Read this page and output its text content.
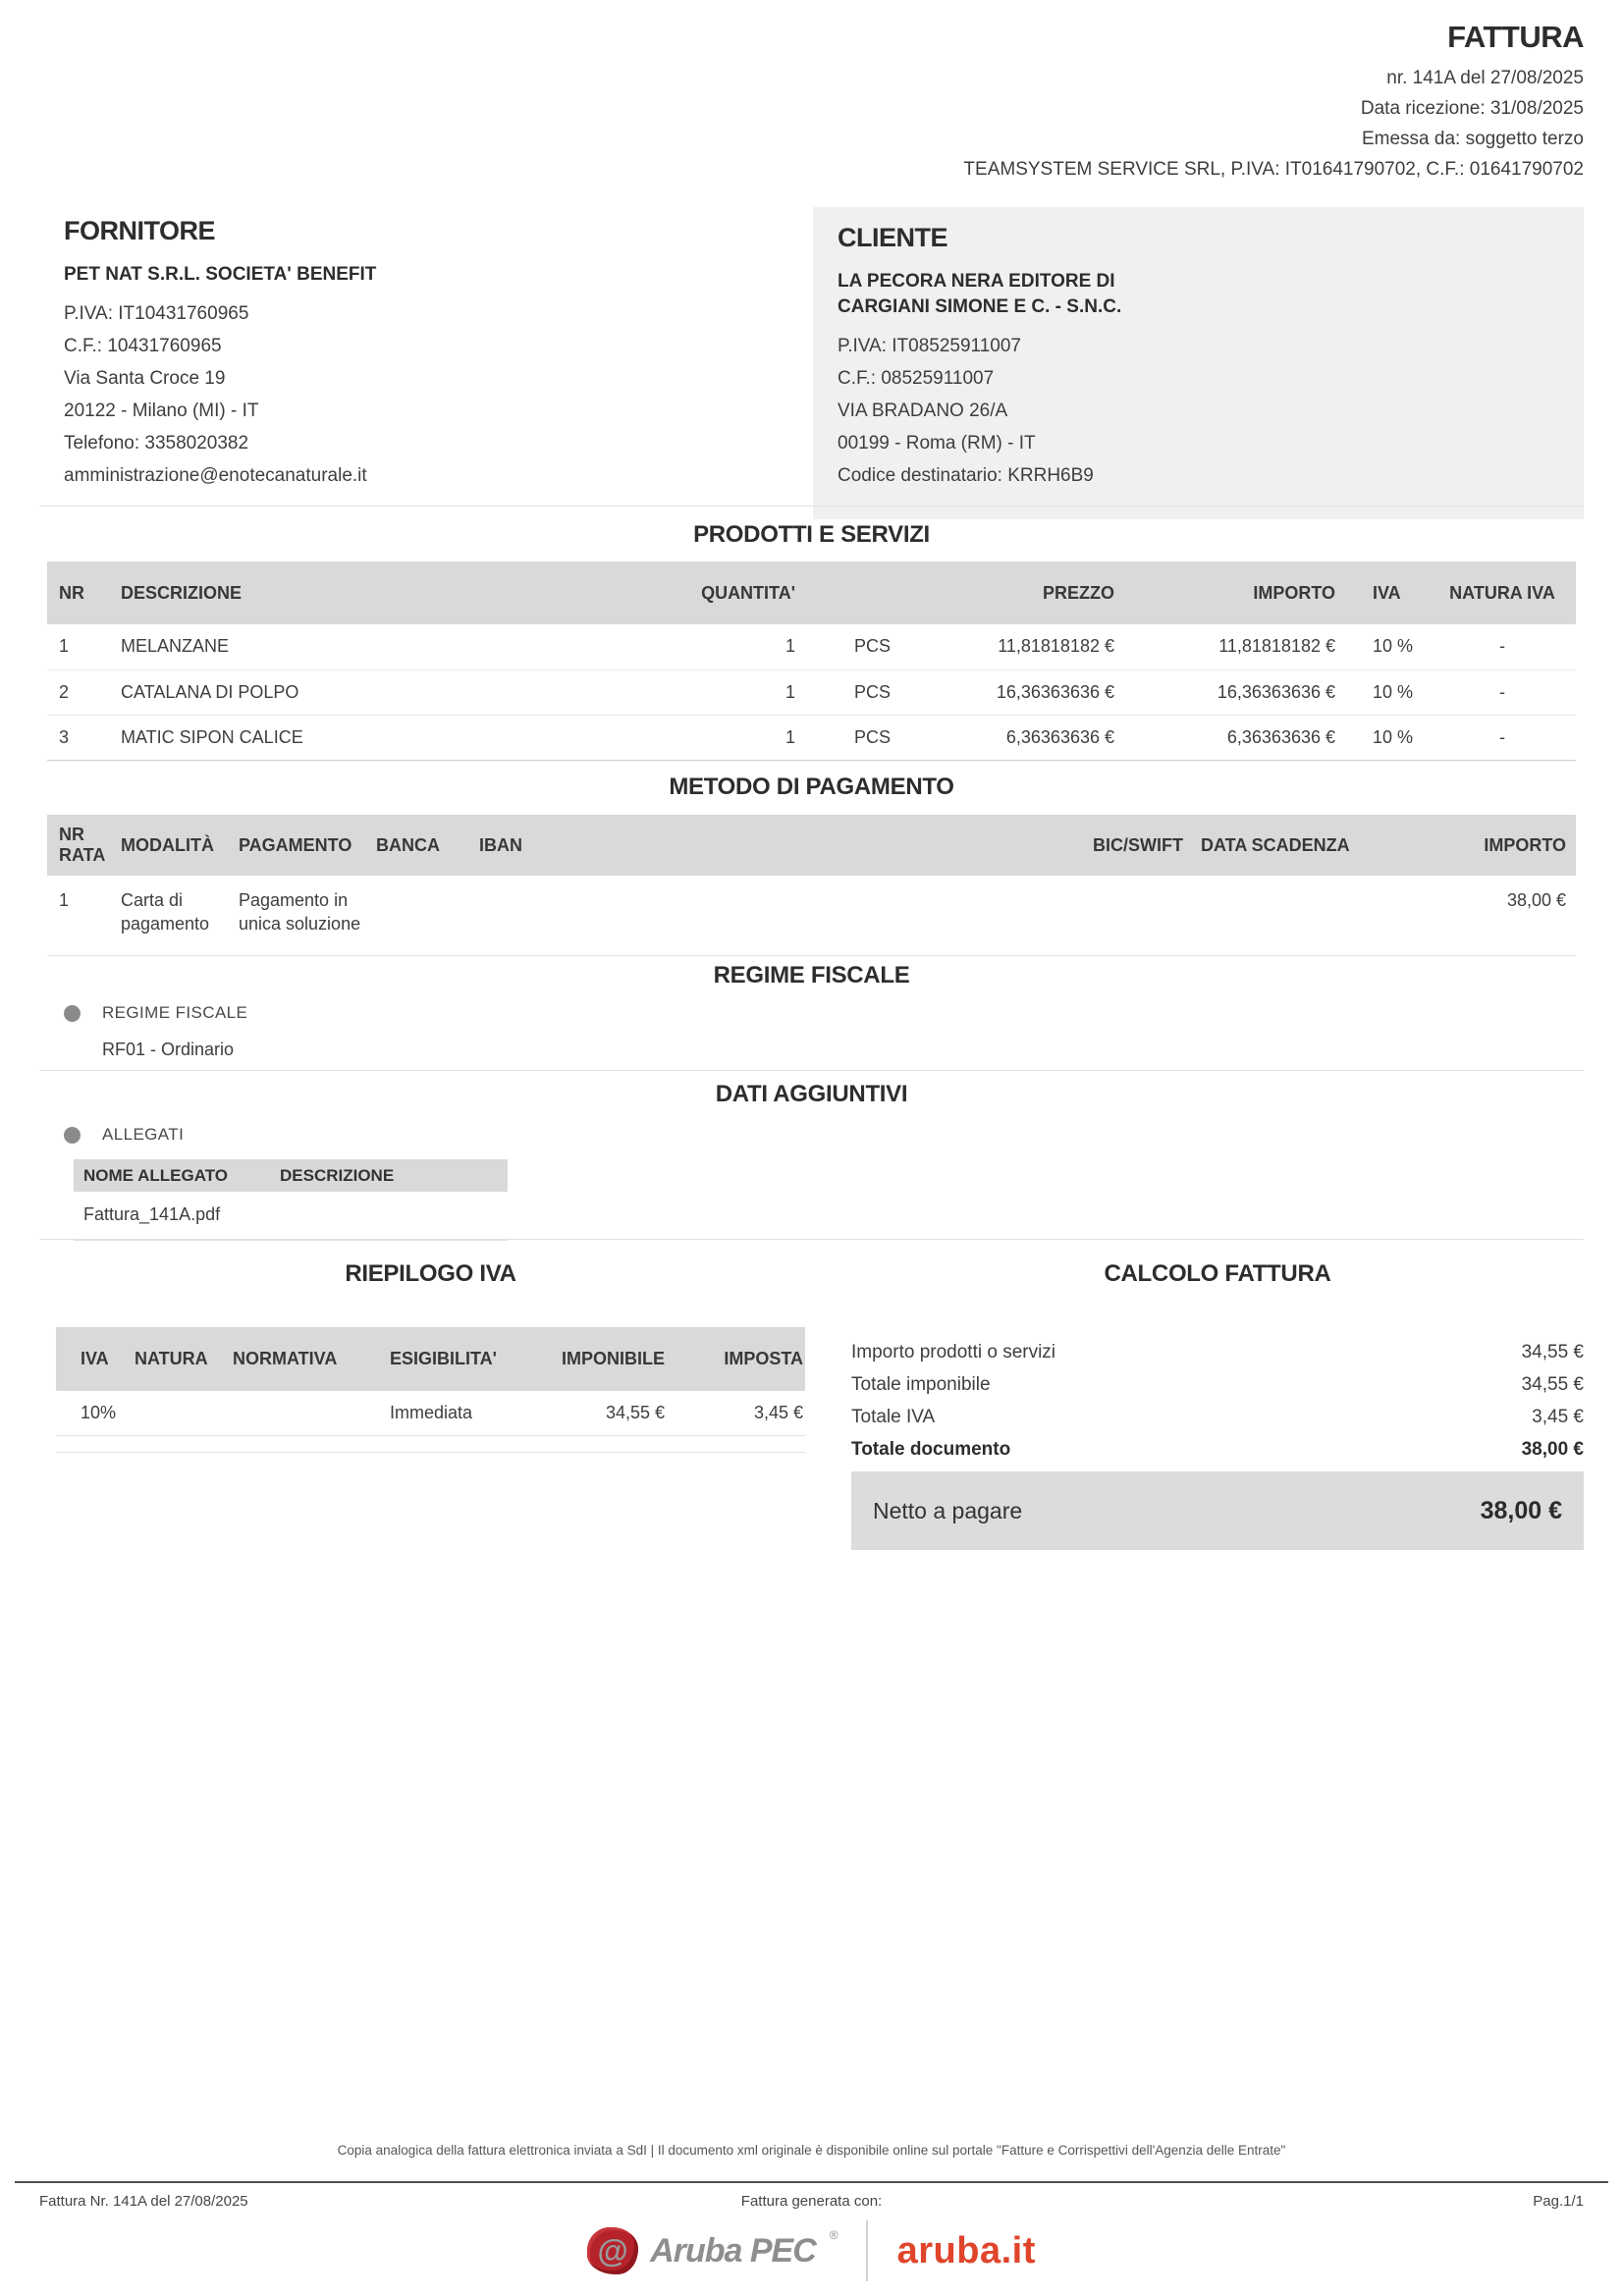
FATTURA
nr. 141A del 27/08/2025
Data ricezione: 31/08/2025
Emessa da: soggetto terzo
TEAMSYSTEM SERVICE SRL, P.IVA: IT01641790702, C.F.: 01641790702
FORNITORE
PET NAT S.R.L. SOCIETA' BENEFIT
P.IVA: IT10431760965
C.F.: 10431760965
Via Santa Croce 19
20122 - Milano (MI) - IT
Telefono: 3358020382
amministrazione@enotecanaturale.it
CLIENTE
LA PECORA NERA EDITORE DI CARGIANI SIMONE E C. - S.N.C.
P.IVA: IT08525911007
C.F.: 08525911007
VIA BRADANO 26/A
00199 - Roma (RM) - IT
Codice destinatario: KRRH6B9
PRODOTTI E SERVIZI
NR	DESCRIZIONE	QUANTITA'		PREZZO	IMPORTO	IVA	NATURA IVA
1	MELANZANE	1	PCS	11,81818182 €	11,81818182 €	10 %	-
2	CATALANA DI POLPO	1	PCS	16,36363636 €	16,36363636 €	10 %	-
3	MATIC SIPON CALICE	1	PCS	6,36363636 €	6,36363636 €	10 %	-
METODO DI PAGAMENTO
NR RATA	MODALITÀ	PAGAMENTO	BANCA	IBAN	BIC/SWIFT	DATA SCADENZA	IMPORTO
1	Carta di pagamento	Pagamento in unica soluzione					38,00 €
REGIME FISCALE
REGIME FISCALE
RF01 - Ordinario
DATI AGGIUNTIVI
ALLEGATI
NOME ALLEGATO	DESCRIZIONE
Fattura_141A.pdf
RIEPILOGO IVA
IVA	NATURA	NORMATIVA	ESIGIBILITA'	IMPONIBILE	IMPOSTA
10%			Immediata	34,55 €	3,45 €
CALCOLO FATTURA
Importo prodotti o servizi	34,55 €
Totale imponibile	34,55 €
Totale IVA	3,45 €
Totale documento	38,00 €
Netto a pagare	38,00 €
Copia analogica della fattura elettronica inviata a SdI | Il documento xml originale è disponibile online sul portale "Fatture e Corrispettivi dell'Agenzia delle Entrate"
Fattura Nr. 141A del 27/08/2025	Fattura generata con:	Pag.1/1
@ Aruba PEC ® aruba.it
